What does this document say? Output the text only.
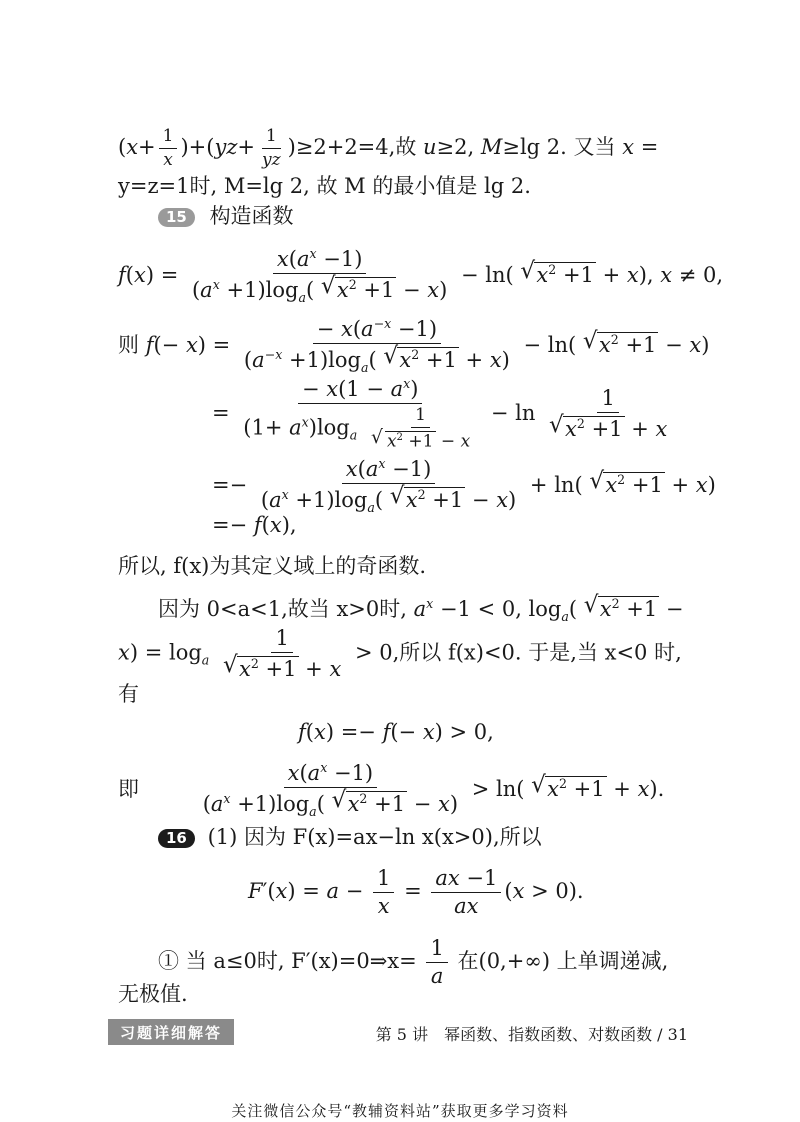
$(x+ \frac{1}{x} )+(yz+ \frac{1}{yz} )\ge 2+2=4$,故 u≥2, M≥lg 2. 又当 x =
y=z=1时, M=lg 2, 故 M 的最小值是 lg 2.
15 构造函数
$f(x) = \frac{x(a^x -1)}{(a^x +1)\log_a( √ x^2 +1 - x)} - \ln$( √ $x^2 +1 + x$), x ≠ 0,
则 $f(- x) = \frac{- x(a^{-x} -1)}{(a^{-x} +1)\log_a( √ x^2 +1 + x)} - \ln$( √ $x^2 +1 - x$)
= − $x(1 - a^x)$
$(1+ a^x)\log_a$ 1
√ $x^2 +1 - x - \ln 1$
√ $x^2 +1 + x$
=− $\frac{x(a^x -1)}{(a^x +1)\log_a( √ x^2 +1 - x)} + \ln$( √ $x^2 +1 + x$)
=− f(x),
所以, f(x)为其定义域上的奇函数.
因为 0<a<1,故当 x>0时, $a^x -1 < 0$, $\log_a$( √ $x^2 +1$ −
$x) = \log_a 1$
√ $x^2 +1 + x > 0$,所以 f(x)<0. 于是,当 x<0 时,
有
f(x) =− f(− x) > 0,
即	$\frac{x(a^x -1)}{(a^x +1)\log_a( √ x^2 +1 - x)} > \ln$( √ $x^2 +1 + x$).
16 (1) 因为 F(x)=ax−ln x(x>0),所以
$F'(x) = a - \frac{1}{x} = \frac{ax -1}{ax} (x > 0)$.
① 当 a≤0时, F′(x)=0⇒x= $\frac{1}{a}$ 在(0,+∞) 上单调递减,
无极值.
习题详细解答	第 5 讲　幂函数、指数函数、对数函数 / 31
关注微信公众号“教辅资料站”获取更多学习资料
